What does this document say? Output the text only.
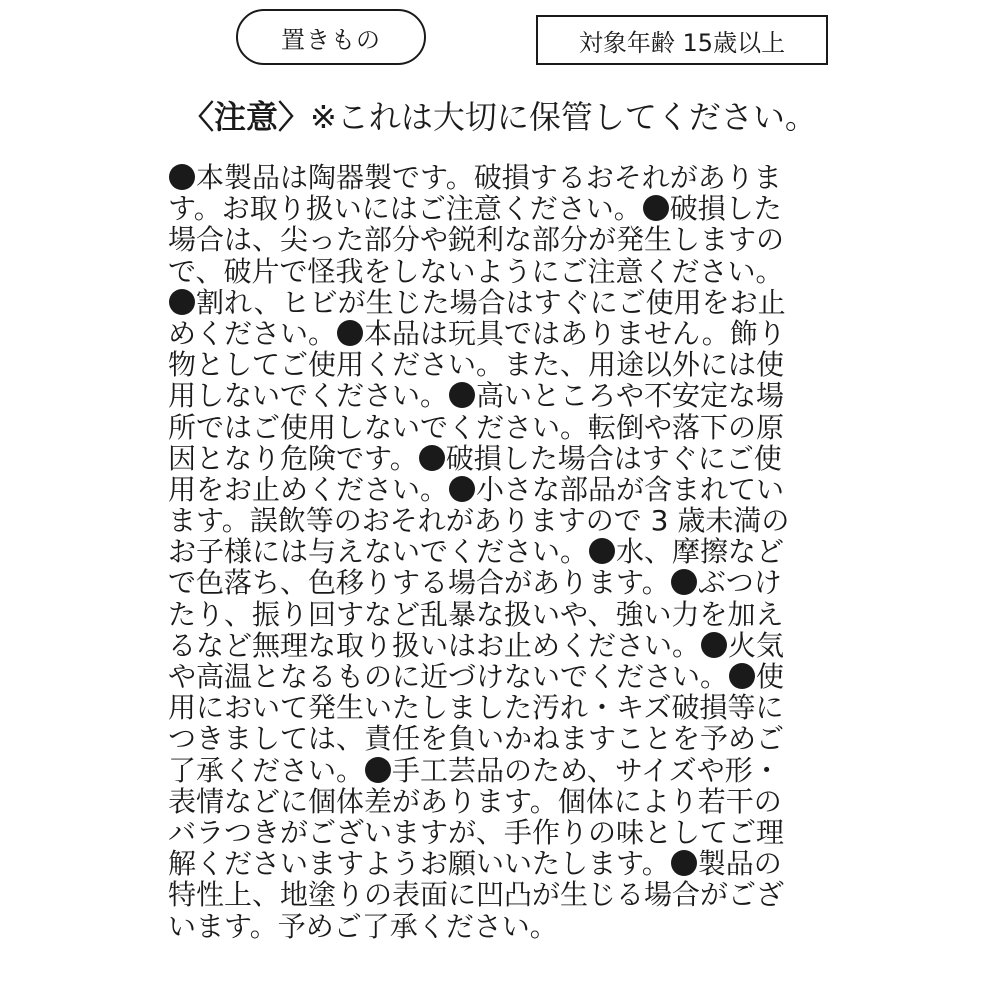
置きもの	対象年齢 15歳以上
〈注意〉※これは大切に保管してください。
本製品は陶器製です。破損するおそれがありま
す。お取り扱いにはご注意ください。 破損した
場合は、尖った部分や鋭利な部分が発生しますの
で、破片で怪我をしないようにご注意ください。
割れ、ヒビが生じた場合はすぐにご使用をお止
めください。 本品は玩具ではありません。飾り
物としてご使用ください。また、用途以外には使
用しないでください。 高いところや不安定な場
所ではご使用しないでください。転倒や落下の原
因となり危険です。 破損した場合はすぐにご使
用をお止めください。 小さな部品が含まれてい
ます。誤飲等のおそれがありますので 3 歳未満の
お子様には与えないでください。 水、摩擦など
で色落ち、色移りする場合があります。 ぶつけ
たり、振り回すなど乱暴な扱いや、強い力を加え
るなど無理な取り扱いはお止めください。 火気
や高温となるものに近づけないでください。 使
用において発生いたしました汚れ・キズ破損等に
つきましては、責任を負いかねますことを予めご
了承ください。 手工芸品のため、サイズや形・
表情などに個体差があります。個体により若干の
バラつきがございますが、手作りの味としてご理
解くださいますようお願いいたします。 製品の
特性上、地塗りの表面に凹凸が生じる場合がござ
います。予めご了承ください。
